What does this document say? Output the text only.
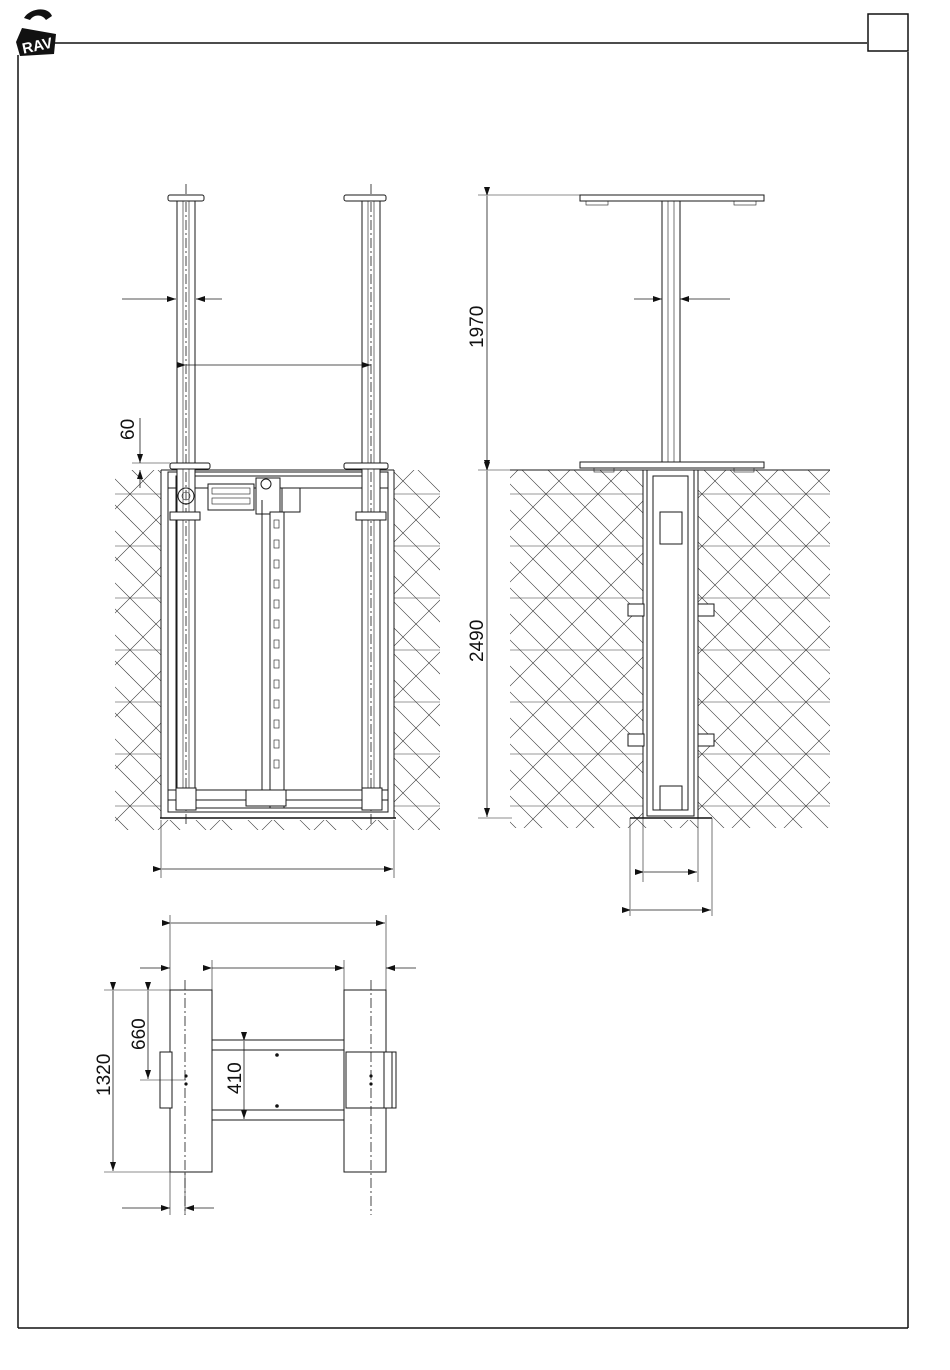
RAV
60
1970
2490
1320
660
410
